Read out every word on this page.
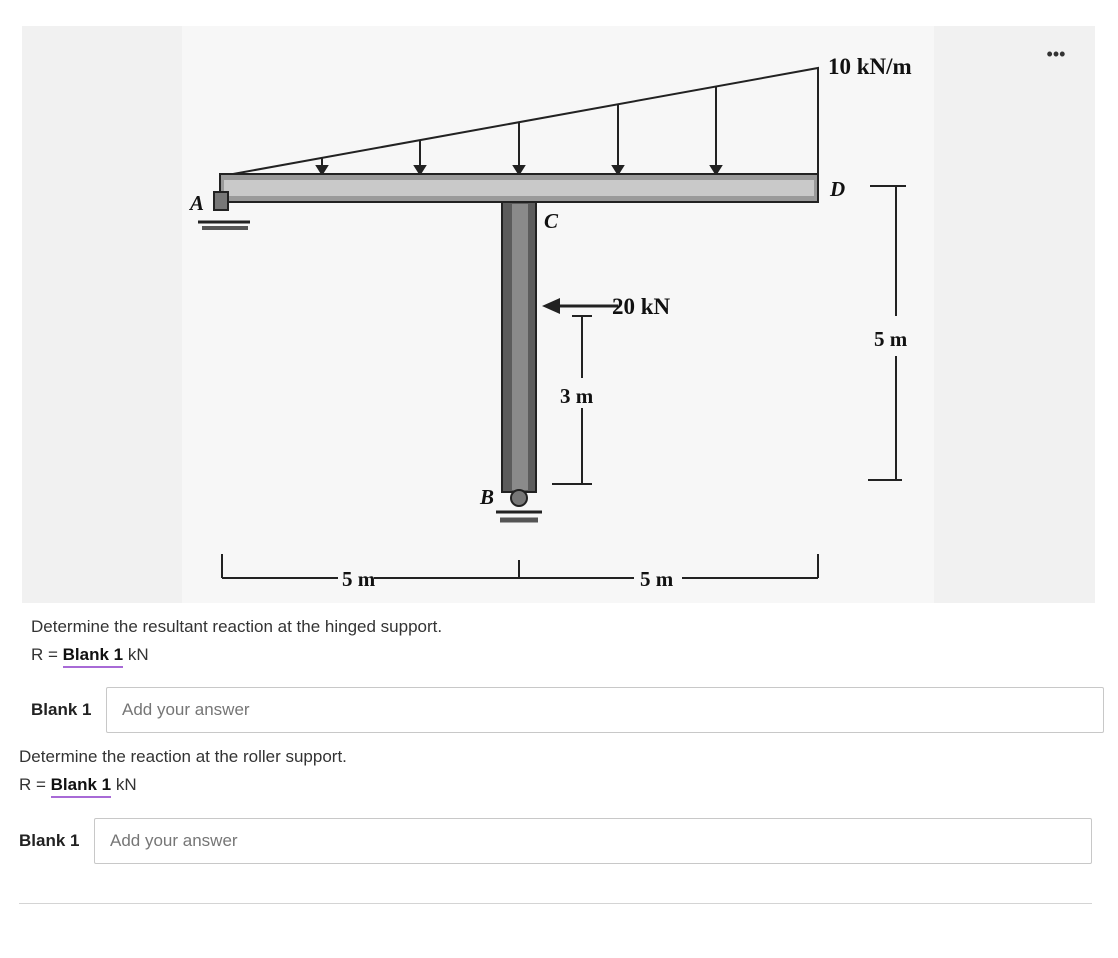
10 kN/m
A
D
C
B
20 kN
3 m
5 m
5 m	5 m
•••
Determine the resultant reaction at the hinged support.
R = Blank 1 kN
Blank 1
Add your answer
Determine the reaction at the roller support.
R = Blank 1 kN
Blank 1
Add your answer
